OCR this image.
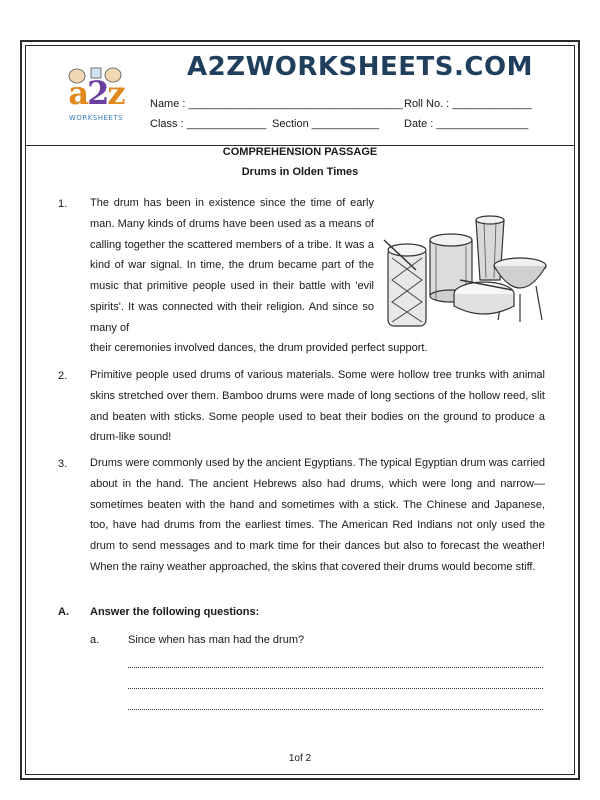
A2ZWORKSHEETS.COM
a2z
WORKSHEETS
Name : ___________________________________ Roll No. : _____________
Class : _____________ Section ___________ Date : _______________
COMPREHENSION PASSAGE
Drums in Olden Times
1. The drum has been in existence since the time of early man. Many kinds of drums have been used as a means of calling together the scattered members of a tribe. It was a kind of war signal. In time, the drum became part of the music that primitive people used in their battle with 'evil spirits'. It was connected with their religion. And since so many of

their ceremonies involved dances, the drum provided perfect support.

2. Primitive people used drums of various materials. Some were hollow tree trunks with animal skins stretched over them. Bamboo drums were made of long sections of the hollow reed, slit and beaten with sticks. Some people used to beat their bodies on the ground to produce a drum-like sound!

3. Drums were commonly used by the ancient Egyptians. The typical Egyptian drum was carried about in the hand. The ancient Hebrews also had drums, which were long and narrow—sometimes beaten with the hand and sometimes with a stick. The Chinese and Japanese, too, have had drums from the earliest times. The American Red Indians not only used the drum to send messages and to mark time for their dances but also to forecast the weather! When the rainy weather approached, the skins that covered their drums would become stiff.

A. Answer the following questions:
a.	Since when has man had the drum?
1of 2
